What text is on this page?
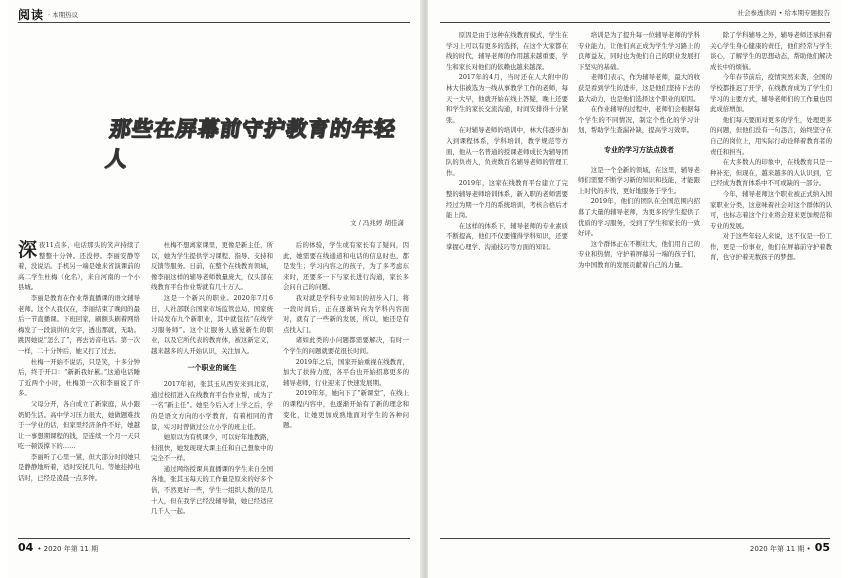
阅读 · 本期热议
那些在屏幕前守护教育的年轻人
文 / 冯兆婷 胡佳潇

深夜11点多，电话那头的笑声持续了整整十分钟。还没停。李丽安静等着，没说话。手机另一端是她来省演课前的高二学生杜梅（化名），来自河南的一个小县城。

李丽是教育在作业帮直播课的语文辅导老师。这个人我仅在，李丽结束了晚间的最后一节直播课。下班回家，刷额头刷着网络梅发了一段演讲的文字，透出那就，无助。跳因她说“怎么了”，再去访音电话。第一次一样，二十分钟后，她又打了过去。

杜梅一开始不说话，只是笑，十多分钟后，终于开口：“新新我好累。”这通电话睡了近两个小时，杜梅第一次和李丽说了许多。

父母分开，各自成立了新家庭，从小跟奶奶生活。高中学习压力很大，她做题难找于一学业的话，但家里经济条件不好，她越让一事想期课程的钱，是连续一个月一天只吃一顿饭撑下的……

李丽听了心里一紧，但大部分时间她只是静静地听着，适时安抚几句。等她挂掉电话时，已经是凌晨一点多钟。

杜梅不想离家课里，更像是新主任，所以，她为学生提供学习课程、指导、支持和反馈等服务。日前，在整个在线教育领域，像李丽这样的辅导老师数量庞大，仅头部在线教育平台作业帮就有几十万人。

这是一个新兴的职业。2020年7月6日，人社部联合国家市场监管总局、国家统计局发布九个新职业，其中就包括“在线学习服务师”。这个让服务人感觉新生的职业，以及它所代表的教育体，被这新定义，越来越多的人开始认识，关注加入。

一个职业的诞生

2017年初，张其玉从西安来到北京，通过校招进入在线教育平台作业帮，成为了一名“新主任”。她至今后入才上学之后，学的是语文方向的小学教育，有着相同的背景，实习时曾做过公立小学的班主任。

她原以为有机课少，可以好年地教路，但很快，她发现现大课主任和自己想象中的完全不一样。

通过网络授课具直播课的学生来自全国各地，张其玉每天的工作量是原来的好多个倍，不然更好一些，学生一组织人数的是几十人，但在我学已经没辅导做，她已经适应几千人一起。

后的体验，学生或有家长有了疑问，因此，她需要在线通道和电话的信息时也，都是发生；学习内容之的孩子，为了多考虑东来时，还要多一下与家长进行沟通，家长多会问自己的问题。

我对就是学科专业知识的初步入门，将一段时间后，正在逐渐转向为学科内容面对，就有了一些新的发展，所以，她还是有点找入门。

诸如此类的小问题都需要解决，有时一个学生的问题就要花很长时间。

2019年之后，国家开始重视在线教育，加大了扶持力度，各平台也开始招募更多的辅导老师，行业迎来了快速发展期。

2019年年，她向下了“新课堂”，在线上的课程内容中，也逐渐开始有了新的理念和变化，让她更加成熟地面对学生的各种问题。

04 • 2020 年第 11 期
社会参透读码 • 给本期专题报告

原因是由于这种在线教育模式，学生在学习上可以有更多的选择，在这个大家都在线的时代，辅导老师的作用越来越重要，学生和家长对他们的依赖也越来越深。

2017年的4月，当时还在人大附中的林大伟被选为一线从事教学工作的老师，每天一大早，他就开始在线上答疑，晚上还要和学生的家长交流沟通，时间安排得十分紧张。

在对辅导老师的培训中，林大伟逐步加入到课程体系，学科培训，教学规范等方面，他从一名普通的授课老师成长为辅导团队的负责人，负责数百名辅导老师的管理工作。

2019年，这家在线教育平台建立了完整的辅导老师培训体系，新入职的老师需要经过为期一个月的系统培训，考核合格后才能上岗。

在这样的体系下，辅导老师的专业素质不断提高，他们不仅要懂得学科知识，还要掌握心理学、沟通技巧等方面的知识。

培训是为了提升每一位辅导老师的学科专业能力，让他们真正成为学生学习路上的良师益友，同时也为他们自己的职业发展打下坚实的基础。

老师们表示，作为辅导老师，最大的收获是看到学生的进步，这是他们坚持下去的最大动力，也是他们选择这个职业的原因。

在作业辅导的过程中，老师们会根据每个学生的不同情况，制定个性化的学习计划，帮助学生查漏补缺，提高学习效率。

专业的学习方法点拨者

这是一个全新的领域，在这里，辅导老师们需要不断学习新的知识和技能，才能跟上时代的步伐，更好地服务于学生。

2019年，他们的团队在全国范围内招募了大量的辅导老师，为更多的学生提供了优质的学习服务，受到了学生和家长的一致好评。

这个群体正在不断壮大，他们用自己的专业和热情，守护着屏幕另一端的孩子们，为中国教育的发展贡献着自己的力量。

除了学科辅导之外，辅导老师还承担着关心学生身心健康的责任，他们经常与学生谈心，了解学生的思想动态，帮助他们解决成长中的烦恼。

今年春节前后，疫情突然来袭，全国的学校都推迟了开学，在线教育成为了学生们学习的主要方式，辅导老师们的工作量也因此成倍增加。

他们每天要面对更多的学生，处理更多的问题，但他们没有一句怨言，始终坚守在自己的岗位上，用实际行动诠释着教育者的责任和担当。

在大多数人的印象中，在线教育只是一种补充，但现在，越来越多的人认识到，它已经成为教育体系中不可或缺的一部分。

今年，辅导老师这个职业被正式纳入国家职业分类，这意味着社会对这个群体的认可，也标志着这个行业将会迎来更加规范和专业的发展。

对于这些年轻人来说，这不仅是一份工作，更是一份事业，他们在屏幕前守护着教育，也守护着无数孩子的梦想。

2020 年第 11 期 • 05
